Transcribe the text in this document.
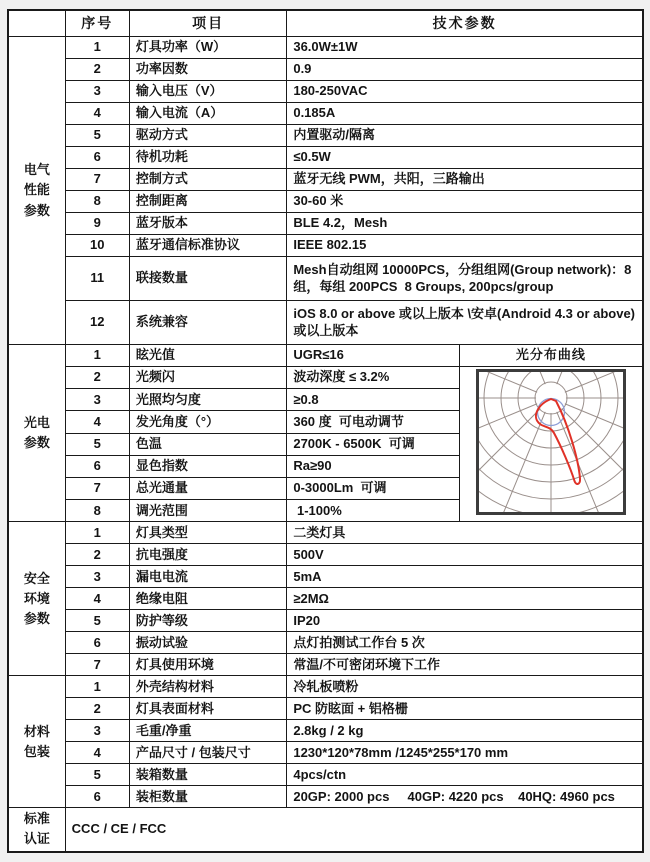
	序号	项目	技术参数	

电气
性能
参数	1	灯具功率（W）	36.0W±1W	
	2	功率因数	0.9	
	3	输入电压（V）	180-250VAC	
	4	输入电流（A）	0.185A	
	5	驱动方式	内置驱动/隔离	
	6	待机功耗	≤0.5W	
	7	控制方式	蓝牙无线 PWM，共阳，三路输出	
	8	控制距离	30-60 米	
	9	蓝牙版本	BLE 4.2，Mesh	
	10	蓝牙通信标准协议	IEEE 802.15	
	11	联接数量	Mesh自动组网 10000PCS，分组组网(Group network)：8 组，每组 200PCS  8 Groups, 200pcs/group	
	12	系统兼容	iOS 8.0 or above 或以上版本 \安卓(Android 4.3 or above)或以上版本	

光电
参数	1	眩光值	UGR≤16	光分布曲线
	2	光频闪	波动深度 ≤ 3.2%	
	3	光照均匀度	≥0.8	
	4	发光角度（°）	360 度  可电动调节	
	5	色温	2700K - 6500K  可调	
	6	显色指数	Ra≥90	
	7	总光通量	0-3000Lm  可调	
	8	调光范围	1-100%	

安全
环境
参数	1	灯具类型	二类灯具	
	2	抗电强度	500V	
	3	漏电电流	5mA	
	4	绝缘电阻	≥2MΩ	
	5	防护等级	IP20	
	6	振动试验	点灯拍测试工作台 5 次	
	7	灯具使用环境	常温/不可密闭环境下工作	

材料
包装	1	外壳结构材料	冷轧板喷粉	
	2	灯具表面材料	PC 防眩面 + 铝格栅	
	3	毛重/净重	2.8kg / 2 kg	
	4	产品尺寸 / 包装尺寸	1230*120*78mm /1245*255*170 mm	
	5	装箱数量	4pcs/ctn	
	6	装柜数量	20GP: 2000 pcs     40GP: 4220 pcs    40HQ: 4960 pcs	

标准
认证	CCC / CE / FCC			
